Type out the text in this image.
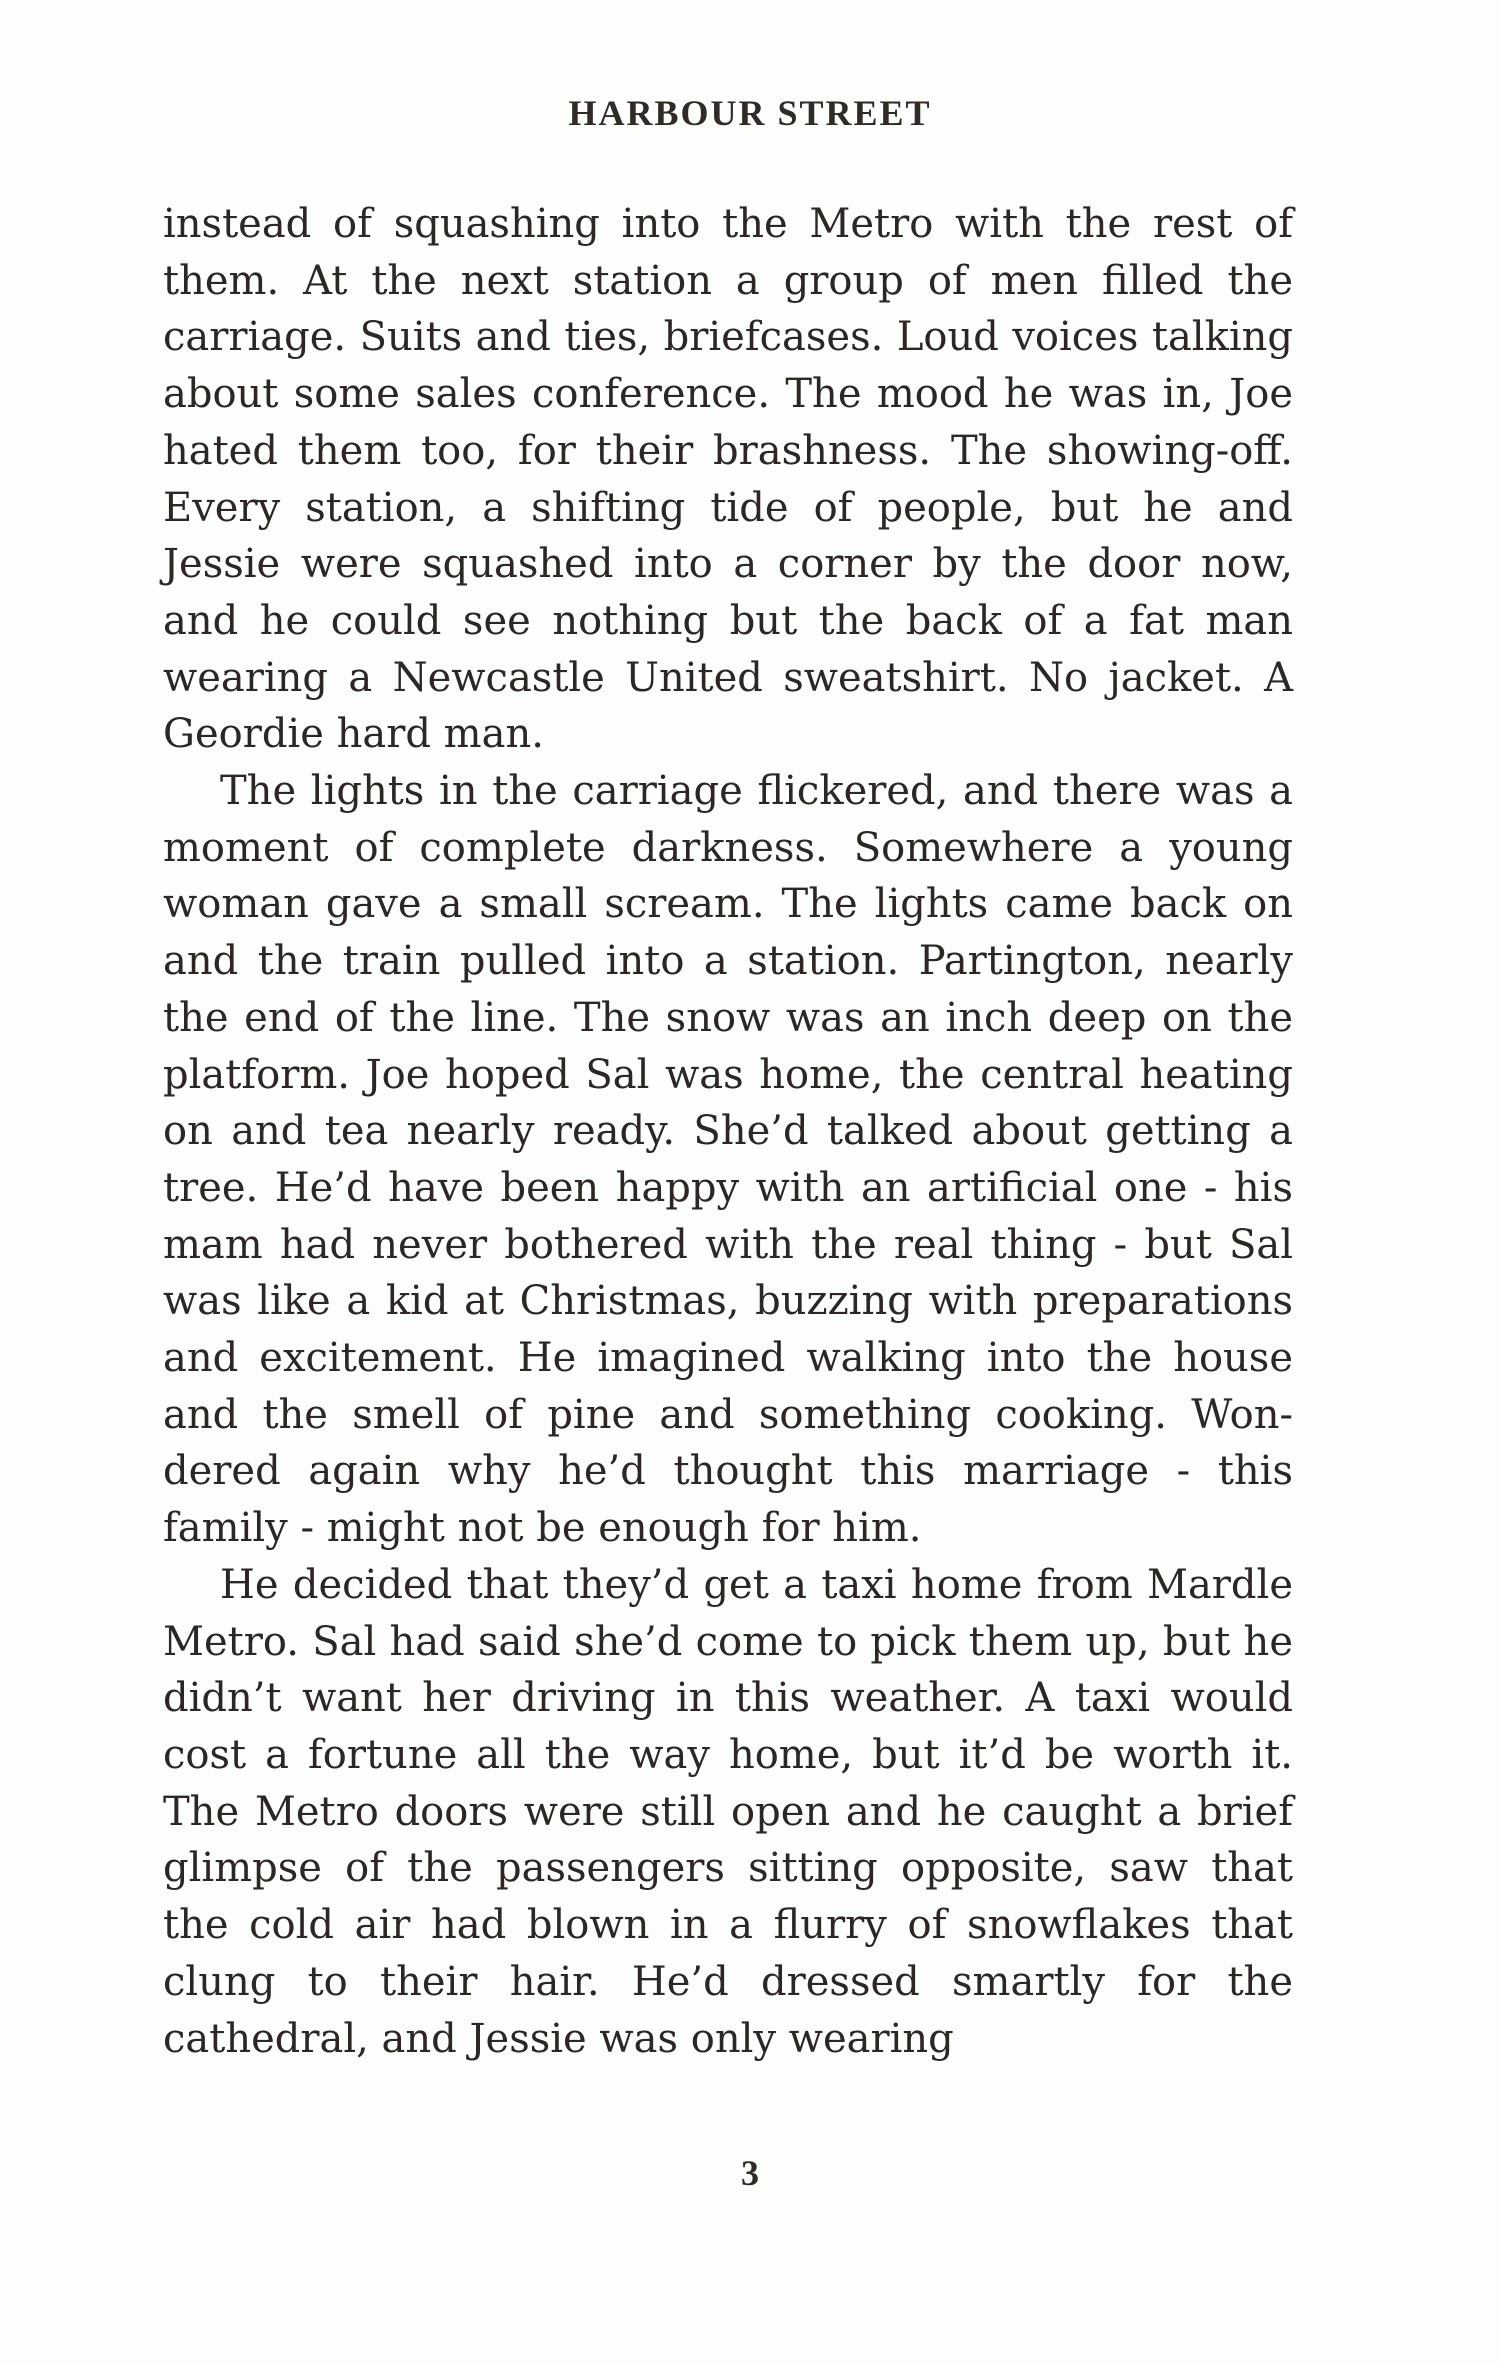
HARBOUR STREET

instead of squashing into the Metro with the rest of them. At the next station a group of men filled the carriage. Suits and ties, briefcases. Loud voices talking about some sales conference. The mood he was in, Joe hated them too, for their brashness. The showing-off. Every station, a shifting tide of people, but he and Jessie were squashed into a corner by the door now, and he could see nothing but the back of a fat man wearing a Newcastle United sweatshirt. No jacket. A Geordie hard man.

The lights in the carriage flickered, and there was a moment of complete darkness. Somewhere a young woman gave a small scream. The lights came back on and the train pulled into a station. Partington, nearly the end of the line. The snow was an inch deep on the platform. Joe hoped Sal was home, the central heating on and tea nearly ready. She’d talked about getting a tree. He’d have been happy with an artificial one - his mam had never bothered with the real thing - but Sal was like a kid at Christmas, buzzing with preparations and excitement. He imagined walking into the house and the smell of pine and something cooking. Wondered again why he’d thought this marriage - this family - might not be enough for him.

He decided that they’d get a taxi home from Mardle Metro. Sal had said she’d come to pick them up, but he didn’t want her driving in this weather. A taxi would cost a fortune all the way home, but it’d be worth it. The Metro doors were still open and he caught a brief glimpse of the passengers sitting opposite, saw that the cold air had blown in a flurry of snowflakes that clung to their hair. He’d dressed smartly for the cathedral, and Jessie was only wearing

3
